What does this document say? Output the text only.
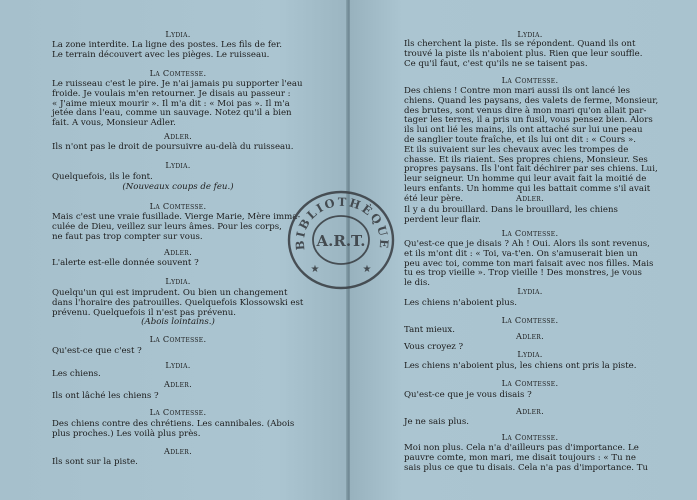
Lydia.
La zone interdite. La ligne des postes. Les fils de fer.
Le terrain découvert avec les pièges. Le ruisseau.
La Comtesse.
Le ruisseau c'est le pire. Je n'ai jamais pu supporter l'eau
froide. Je voulais m'en retourner. Je disais au passeur :
« J'aime mieux mourir ». Il m'a dit : « Moi pas ». Il m'a
jetée dans l'eau, comme un sauvage. Notez qu'il a bien
fait. A vous, Monsieur Adler.
Adler.
Ils n'ont pas le droit de poursuivre au-delà du ruisseau.
Lydia.
Quelquefois, ils le font.
(Nouveaux coups de feu.)
La Comtesse.
Mais c'est une vraie fusillade. Vierge Marie, Mère imma-
culée de Dieu, veillez sur leurs âmes. Pour les corps,
ne faut pas trop compter sur vous.
Adler.
L'alerte est-elle donnée souvent ?
Lydia.
Quelqu'un qui est imprudent. Ou bien un changement
dans l'horaire des patrouilles. Quelquefois Klossowski est
prévenu. Quelquefois il n'est pas prévenu.
(Abois lointains.)
La Comtesse.
Qu'est-ce que c'est ?
Lydia.
Les chiens.
Adler.
Ils ont lâché les chiens ?
La Comtesse.
Des chiens contre des chrétiens. Les cannibales. (Abois
plus proches.) Les voilà plus près.
Adler.
Ils sont sur la piste.
Lydia.
Ils cherchent la piste. Ils se répondent. Quand ils ont
trouvé la piste ils n'aboient plus. Rien que leur souffle.
Ce qu'il faut, c'est qu'ils ne se taisent pas.
La Comtesse.
Des chiens ! Contre mon mari aussi ils ont lancé les
chiens. Quand les paysans, des valets de ferme, Monsieur,
des brutes, sont venus dire à mon mari qu'on allait par-
tager les terres, il a pris un fusil, vous pensez bien. Alors
ils lui ont lié les mains, ils ont attaché sur lui une peau
de sanglier toute fraîche, et ils lui ont dit : « Cours ».
Et ils suivaient sur les chevaux avec les trompes de
chasse. Et ils riaient. Ses propres chiens, Monsieur. Ses
propres paysans. Ils l'ont fait déchirer par ses chiens. Lui,
leur seigneur. Un homme qui leur avait fait la moitié de
leurs enfants. Un homme qui les battait comme s'il avait
été leur père.	Adler.
Il y a du brouillard. Dans le brouillard, les chiens
perdent leur flair.
La Comtesse.
Qu'est-ce que je disais ? Ah ! Oui. Alors ils sont revenus,
et ils m'ont dit : « Toi, va-t'en. On s'amuserait bien un
peu avec toi, comme ton mari faisait avec nos filles. Mais
tu es trop vieille ». Trop vieille ! Des monstres, je vous
le dis.
Lydia.
Les chiens n'aboient plus.
La Comtesse.
Tant mieux.
Adler.
Vous croyez ?
Lydia.
Les chiens n'aboient plus, les chiens ont pris la piste.
La Comtesse.
Qu'est-ce que je vous disais ?
Adler.
Je ne sais plus.
La Comtesse.
Moi non plus. Cela n'a d'ailleurs pas d'importance. Le
pauvre comte, mon mari, me disait toujours : « Tu ne
sais plus ce que tu disais. Cela n'a pas d'importance. Tu
BIBLIOTHÈQUE
A.R.T.
★	★
